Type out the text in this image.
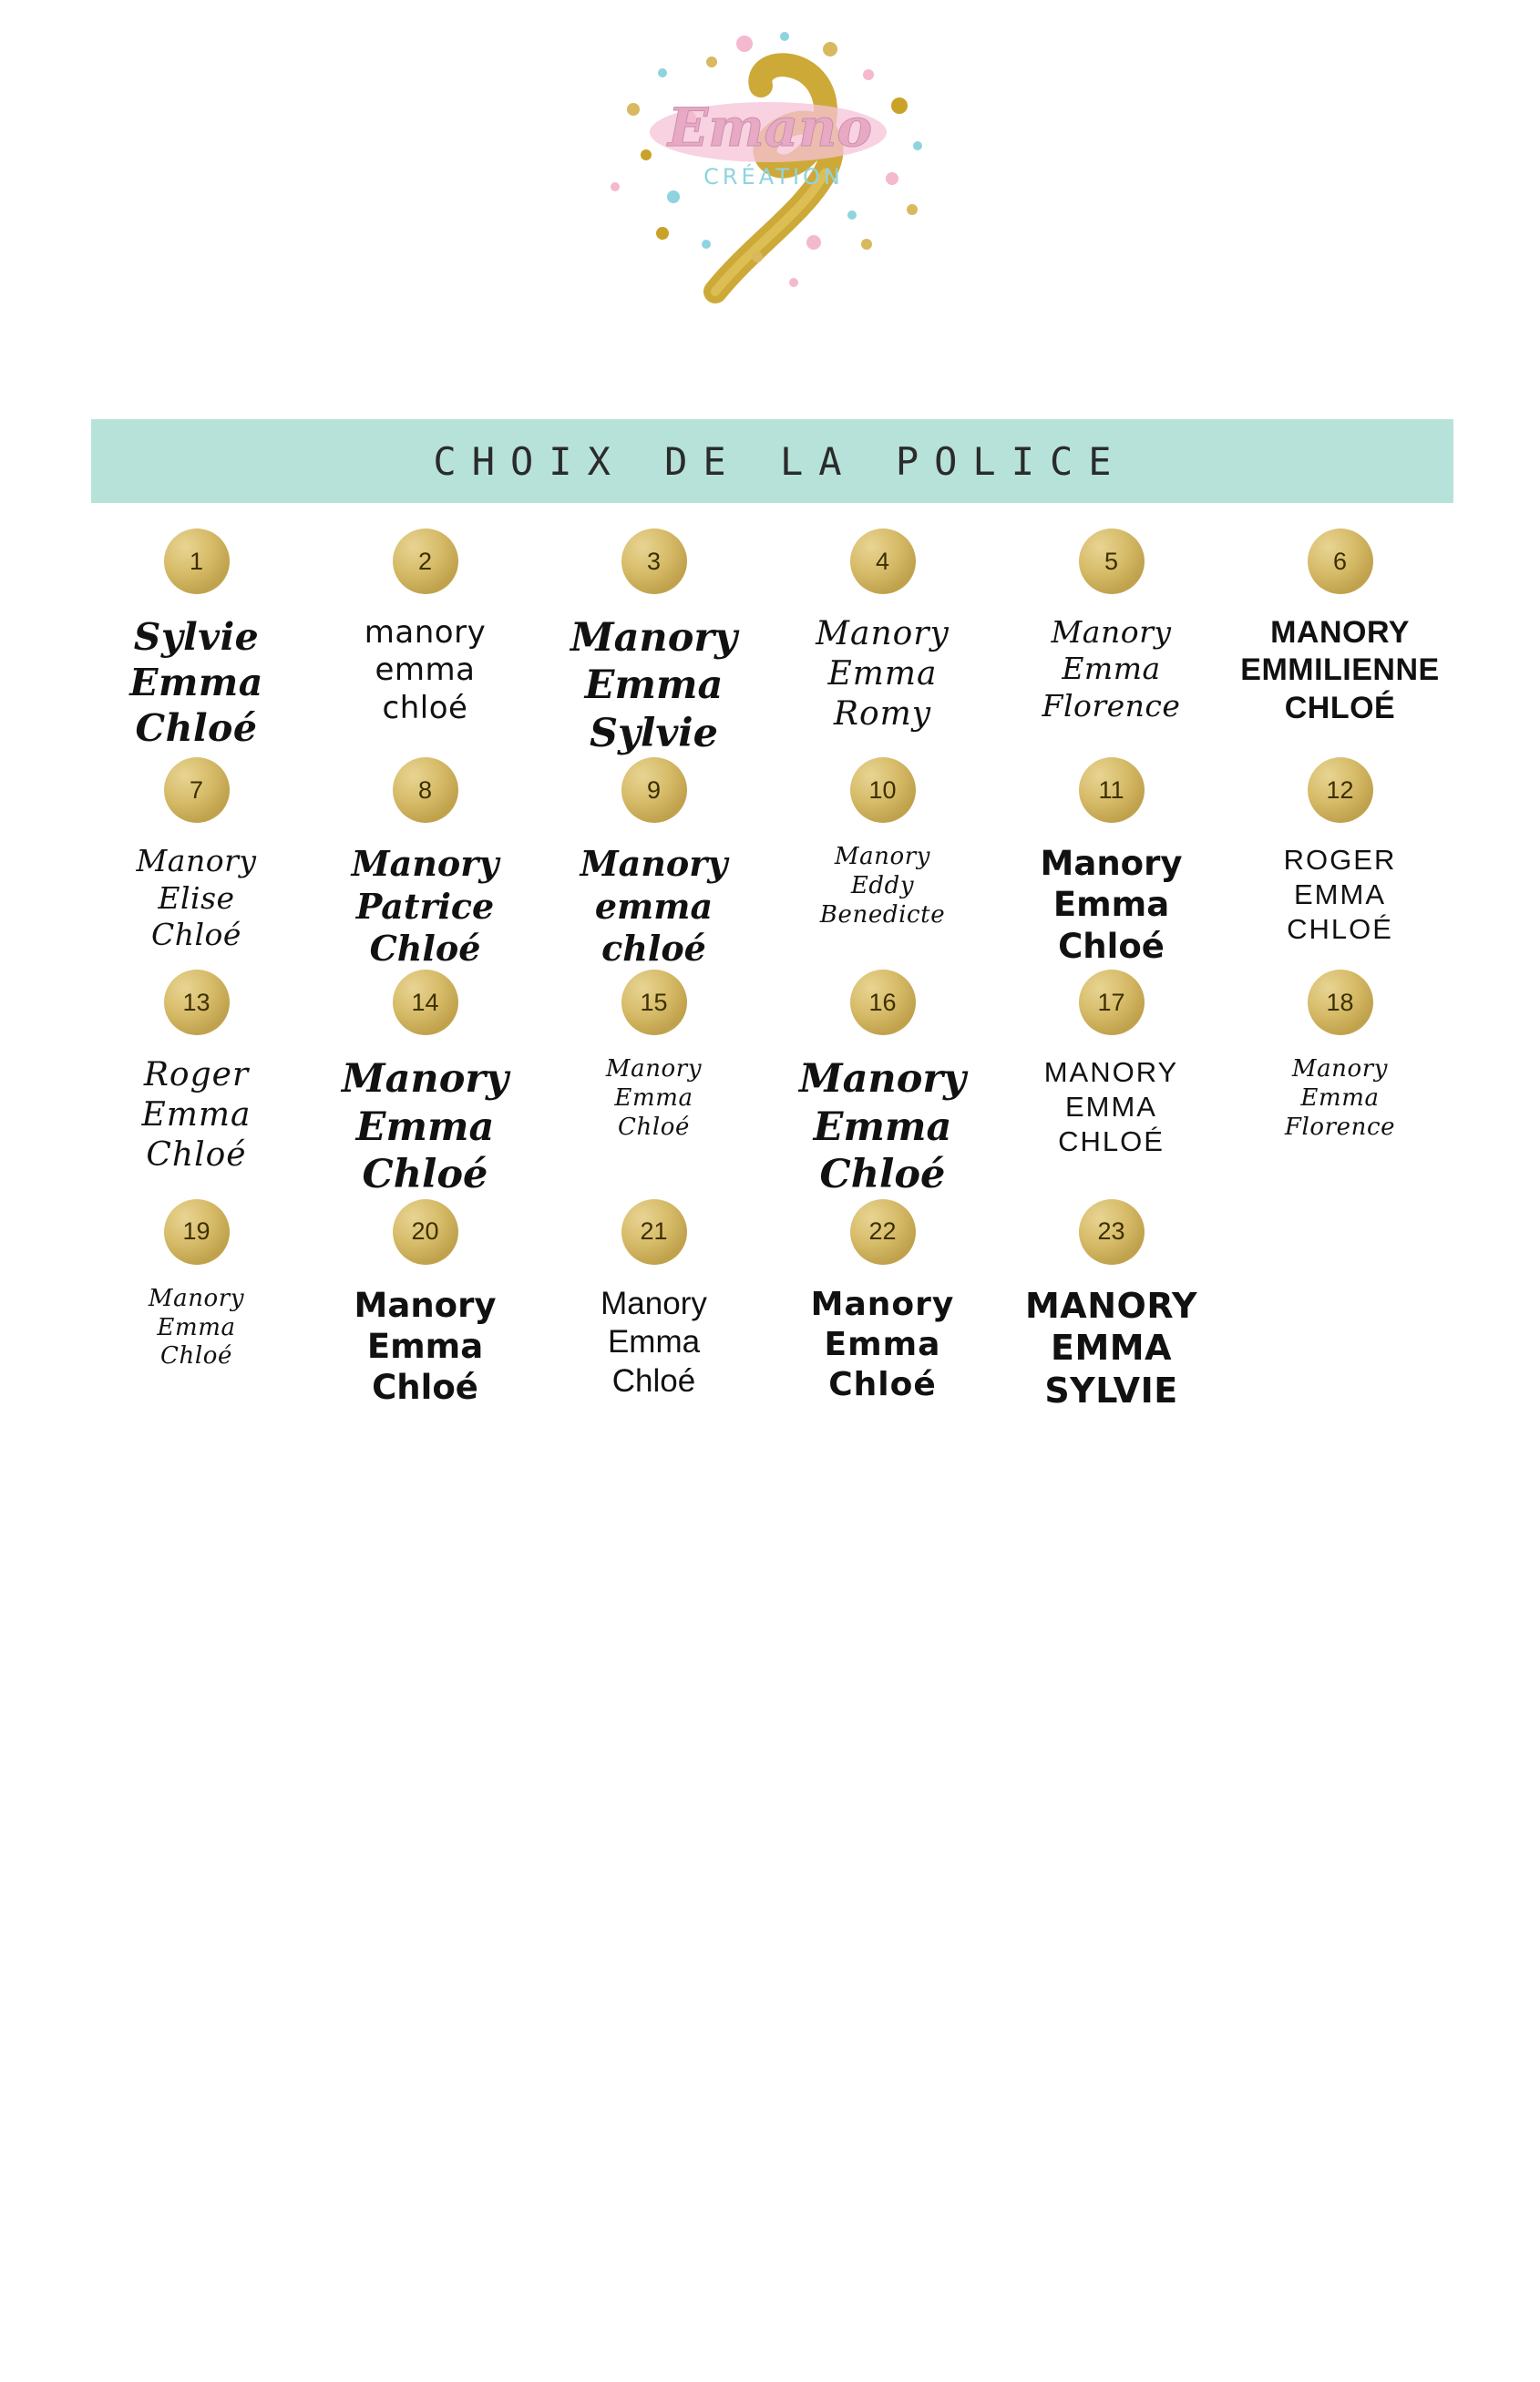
Emano
CRÉATION
CHOIX DE LA POLICE
1
Sylvie
Emma
Chloé
2
manory
emma
chloé
3
Manory
Emma
Sylvie
4
Manory
Emma
Romy
5
Manory
Emma
Florence
6
MANORY
EMMILIENNE
CHLOÉ
7
Manory
Elise
Chloé
8
Manory
Patrice
Chloé
9
Manory
emma
chloé
10
Manory
Eddy
Benedicte
11
Manory
Emma
Chloé
12
ROGER
EMMA
CHLOÉ
13
Roger
Emma
Chloé
14
Manory
Emma
Chloé
15
Manory
Emma
Chloé
16
Manory
Emma
Chloé
17
MANORY
EMMA
CHLOÉ
18
Manory
Emma
Florence
19
Manory
Emma
Chloé
20
Manory
Emma
Chloé
21
Manory
Emma
Chloé
22
Manory
Emma
Chloé
23
MANORY
EMMA
SYLVIE
